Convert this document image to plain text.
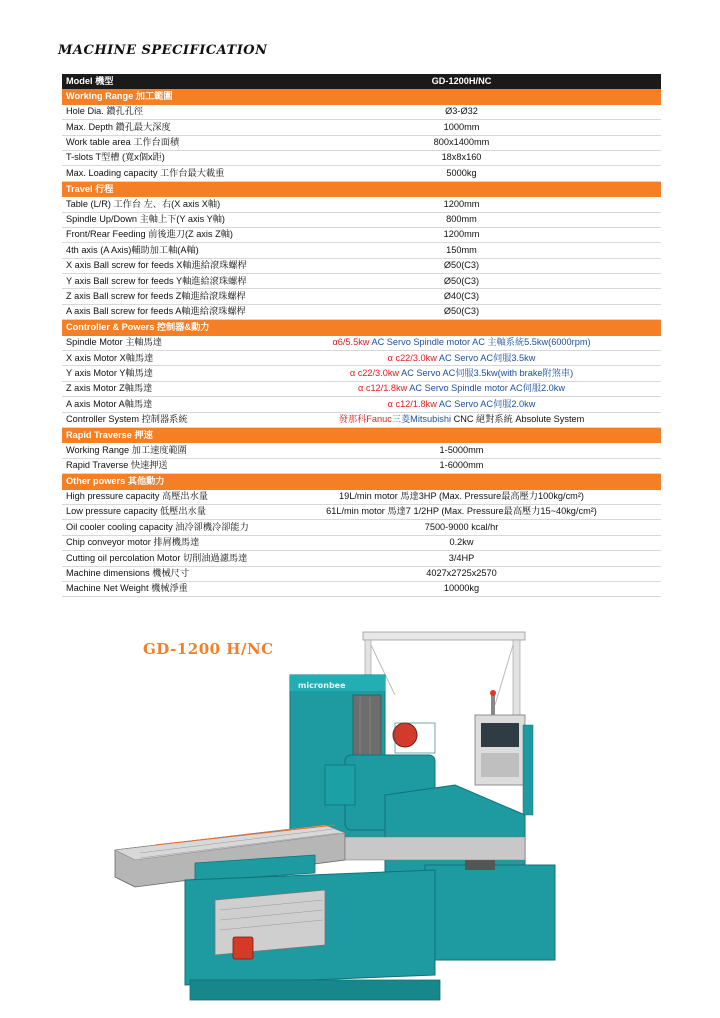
MACHINE SPECIFICATION
Model 機型	GD-1200H/NC
Working Range 加工範圍
Hole Dia. 鑽孔孔徑	Ø3-Ø32
Max. Depth 鑽孔最大深度	1000mm
Work table area 工作台面積	800x1400mm
T-slots T型槽 (寬x個x距)	18x8x160
Max. Loading capacity 工作台最大載重	5000kg
Travel 行程
Table (L/R) 工作台 左、右(X axis X軸)	1200mm
Spindle Up/Down 主軸上下(Y axis Y軸)	800mm
Front/Rear Feeding 前後進刀(Z axis Z軸)	1200mm
4th axis (A Axis)輔助加工軸(A軸)	150mm
X axis Ball screw for feeds X軸進給滾珠螺桿	Ø50(C3)
Y axis Ball screw for feeds Y軸進給滾珠螺桿	Ø50(C3)
Z axis Ball screw for feeds Z軸進給滾珠螺桿	Ø40(C3)
A axis Ball screw for feeds A軸進給滾珠螺桿	Ø50(C3)
Controller & Powers 控制器&動力
Spindle Motor 主軸馬達	α6/5.5kw AC Servo Spindle motor AC 主軸系統5.5kw(6000rpm)
X axis Motor X軸馬達	α c22/3.0kw AC Servo AC伺服3.5kw
Y axis Motor Y軸馬達	α c22/3.0kw AC Servo AC伺服3.5kw(with brake附煞車)
Z axis Motor Z軸馬達	α c12/1.8kw AC Servo Spindle motor AC伺服2.0kw
A axis Motor A軸馬達	α c12/1.8kw AC Servo AC伺服2.0kw
Controller System 控制器系統	發那科Fanuc三菱Mitsubishi CNC 絕對系統 Absolute System
Rapid Traverse 押速
Working Range 加工速度範圍	1-5000mm
Rapid Traverse 快速押送	1-6000mm
Other powers 其他動力
High pressure capacity 高壓出水量	19L/min motor 馬達3HP (Max. Pressure最高壓力100kg/cm²)
Low pressure capacity 低壓出水量	61L/min motor 馬達7 1/2HP (Max. Pressure最高壓力15~40kg/cm²)
Oil cooler cooling capacity 油冷卻機冷卻能力	7500-9000 kcal/hr
Chip conveyor motor 排屑機馬達	0.2kw
Cutting oil percolation Motor 切削油過濾馬達	3/4HP
Machine dimensions 機械尺寸	4027x2725x2570
Machine Net Weight 機械淨重	10000kg
GD-1200 H/NC
micronbee
